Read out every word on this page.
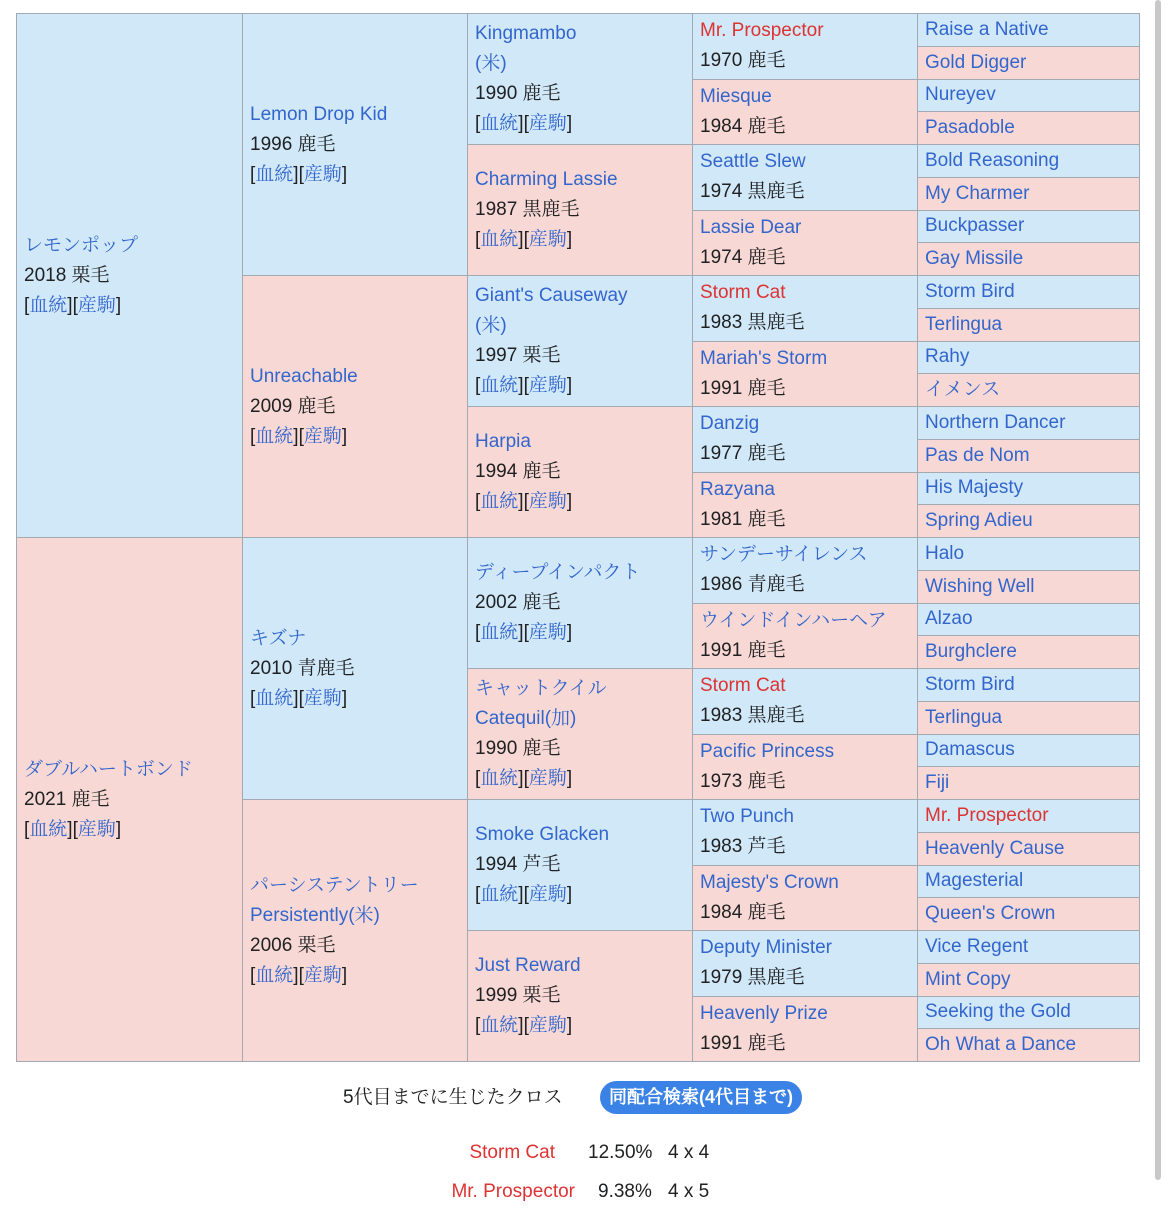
レモンポップ
2018 栗毛
[血統][産駒]
ダブルハートボンド
2021 鹿毛
[血統][産駒]
Lemon Drop Kid
1996 鹿毛
[血統][産駒]
Unreachable
2009 鹿毛
[血統][産駒]
キズナ
2010 青鹿毛
[血統][産駒]
パーシステントリー
Persistently(米)
2006 栗毛
[血統][産駒]
Kingmambo
(米)
1990 鹿毛
[血統][産駒]
Charming Lassie
1987 黒鹿毛
[血統][産駒]
Giant's Causeway
(米)
1997 栗毛
[血統][産駒]
Harpia
1994 鹿毛
[血統][産駒]
ディープインパクト
2002 鹿毛
[血統][産駒]
キャットクイル
Catequil(加)
1990 鹿毛
[血統][産駒]
Smoke Glacken
1994 芦毛
[血統][産駒]
Just Reward
1999 栗毛
[血統][産駒]
Mr. Prospector
1970 鹿毛
Miesque
1984 鹿毛
Seattle Slew
1974 黒鹿毛
Lassie Dear
1974 鹿毛
Storm Cat
1983 黒鹿毛
Mariah's Storm
1991 鹿毛
Danzig
1977 鹿毛
Razyana
1981 鹿毛
サンデーサイレンス
1986 青鹿毛
ウインドインハーヘア
1991 鹿毛
Storm Cat
1983 黒鹿毛
Pacific Princess
1973 鹿毛
Two Punch
1983 芦毛
Majesty's Crown
1984 鹿毛
Deputy Minister
1979 黒鹿毛
Heavenly Prize
1991 鹿毛
Raise a Native
Gold Digger
Nureyev
Pasadoble
Bold Reasoning
My Charmer
Buckpasser
Gay Missile
Storm Bird
Terlingua
Rahy
イメンス
Northern Dancer
Pas de Nom
His Majesty
Spring Adieu
Halo
Wishing Well
Alzao
Burghclere
Storm Bird
Terlingua
Damascus
Fiji
Mr. Prospector
Heavenly Cause
Magesterial
Queen's Crown
Vice Regent
Mint Copy
Seeking the Gold
Oh What a Dance
5代目までに生じたクロス	同配合検索(4代目まで)
Storm Cat 12.50% 4 x 4
Mr. Prospector 9.38% 4 x 5
